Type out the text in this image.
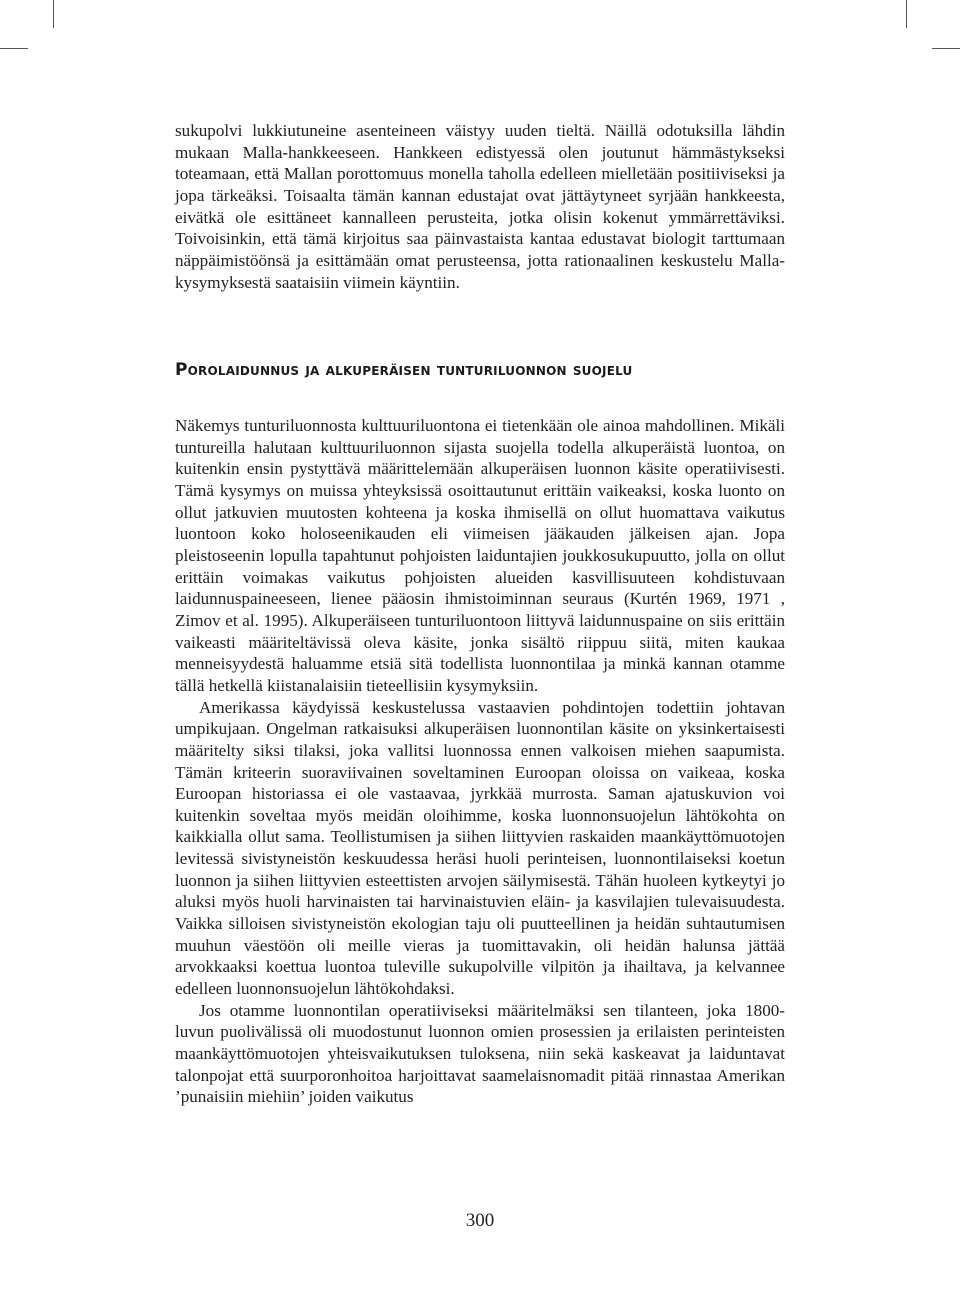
sukupolvi lukkiutuneine asenteineen väistyy uuden tieltä. Näillä odotuksilla lähdin mukaan Malla-hankkeeseen. Hankkeen edistyessä olen joutunut hämmästykseksi toteamaan, että Mallan porottomuus monella taholla edelleen mielletään positiiviseksi ja jopa tärkeäksi. Toisaalta tämän kannan edustajat ovat jättäytyneet syrjään hankkeesta, eivätkä ole esittäneet kannalleen perusteita, jotka olisin kokenut ymmärrettäviksi. Toivoisinkin, että tämä kirjoitus saa päinvastaista kantaa edustavat biologit tarttumaan näppäimistöönsä ja esittämään omat perusteensa, jotta rationaalinen keskustelu Malla-kysymyksestä saataisiin viimein käyntiin.

Porolaidunnus ja alkuperäisen tunturiluonnon suojelu

Näkemys tunturiluonnosta kulttuuriluontona ei tietenkään ole ainoa mahdollinen. Mikäli tuntureilla halutaan kulttuuriluonnon sijasta suojella todella alkuperäistä luontoa, on kuitenkin ensin pystyttävä määrittelemään alkuperäisen luonnon käsite operatiivisesti. Tämä kysymys on muissa yhteyksissä osoittautunut erittäin vaikeaksi, koska luonto on ollut jatkuvien muutosten kohteena ja koska ihmisellä on ollut huomattava vaikutus luontoon koko holoseenikauden eli viimeisen jääkauden jälkeisen ajan. Jopa pleistoseenin lopulla tapahtunut pohjoisten laiduntajien joukkosukupuutto, jolla on ollut erittäin voimakas vaikutus pohjoisten alueiden kasvillisuuteen kohdistuvaan laidunnuspaineeseen, lienee pääosin ihmistoiminnan seuraus (Kurtén 1969, 1971 , Zimov et al. 1995). Alkuperäiseen tunturiluontoon liittyvä laidunnuspaine on siis erittäin vaikeasti määriteltävissä oleva käsite, jonka sisältö riippuu siitä, miten kaukaa menneisyydestä haluamme etsiä sitä todellista luonnontilaa ja minkä kannan otamme tällä hetkellä kiistanalaisiin tieteellisiin kysymyksiin.

Amerikassa käydyissä keskustelussa vastaavien pohdintojen todettiin johtavan umpikujaan. Ongelman ratkaisuksi alkuperäisen luonnontilan käsite on yksinkertaisesti määritelty siksi tilaksi, joka vallitsi luonnossa ennen valkoisen miehen saapumista. Tämän kriteerin suoraviivainen soveltaminen Euroopan oloissa on vaikeaa, koska Euroopan historiassa ei ole vastaavaa, jyrkkää murrosta. Saman ajatuskuvion voi kuitenkin soveltaa myös meidän oloihimme, koska luonnonsuojelun lähtökohta on kaikkialla ollut sama. Teollistumisen ja siihen liittyvien raskaiden maankäyttömuotojen levitessä sivistyneistön keskuudessa heräsi huoli perinteisen, luonnontilaiseksi koetun luonnon ja siihen liittyvien esteettisten arvojen säilymisestä. Tähän huoleen kytkeytyi jo aluksi myös huoli harvinaisten tai harvinaistuvien eläin- ja kasvilajien tulevaisuudesta. Vaikka silloisen sivistyneistön ekologian taju oli puutteellinen ja heidän suhtautumisen muuhun väestöön oli meille vieras ja tuomittavakin, oli heidän halunsa jättää arvokkaaksi koettua luontoa tuleville sukupolville vilpitön ja ihailtava, ja kelvannee edelleen luonnonsuojelun lähtökohdaksi.

Jos otamme luonnontilan operatiiviseksi määritelmäksi sen tilanteen, joka 1800-luvun puolivälissä oli muodostunut luonnon omien prosessien ja erilaisten perinteisten maankäyttömuotojen yhteisvaikutuksen tuloksena, niin sekä kaskeavat ja laiduntavat talonpojat että suurporonhoitoa harjoittavat saamelaisnomadit pitää rinnastaa Amerikan ’punaisiin miehiin’ joiden vaikutus

300
